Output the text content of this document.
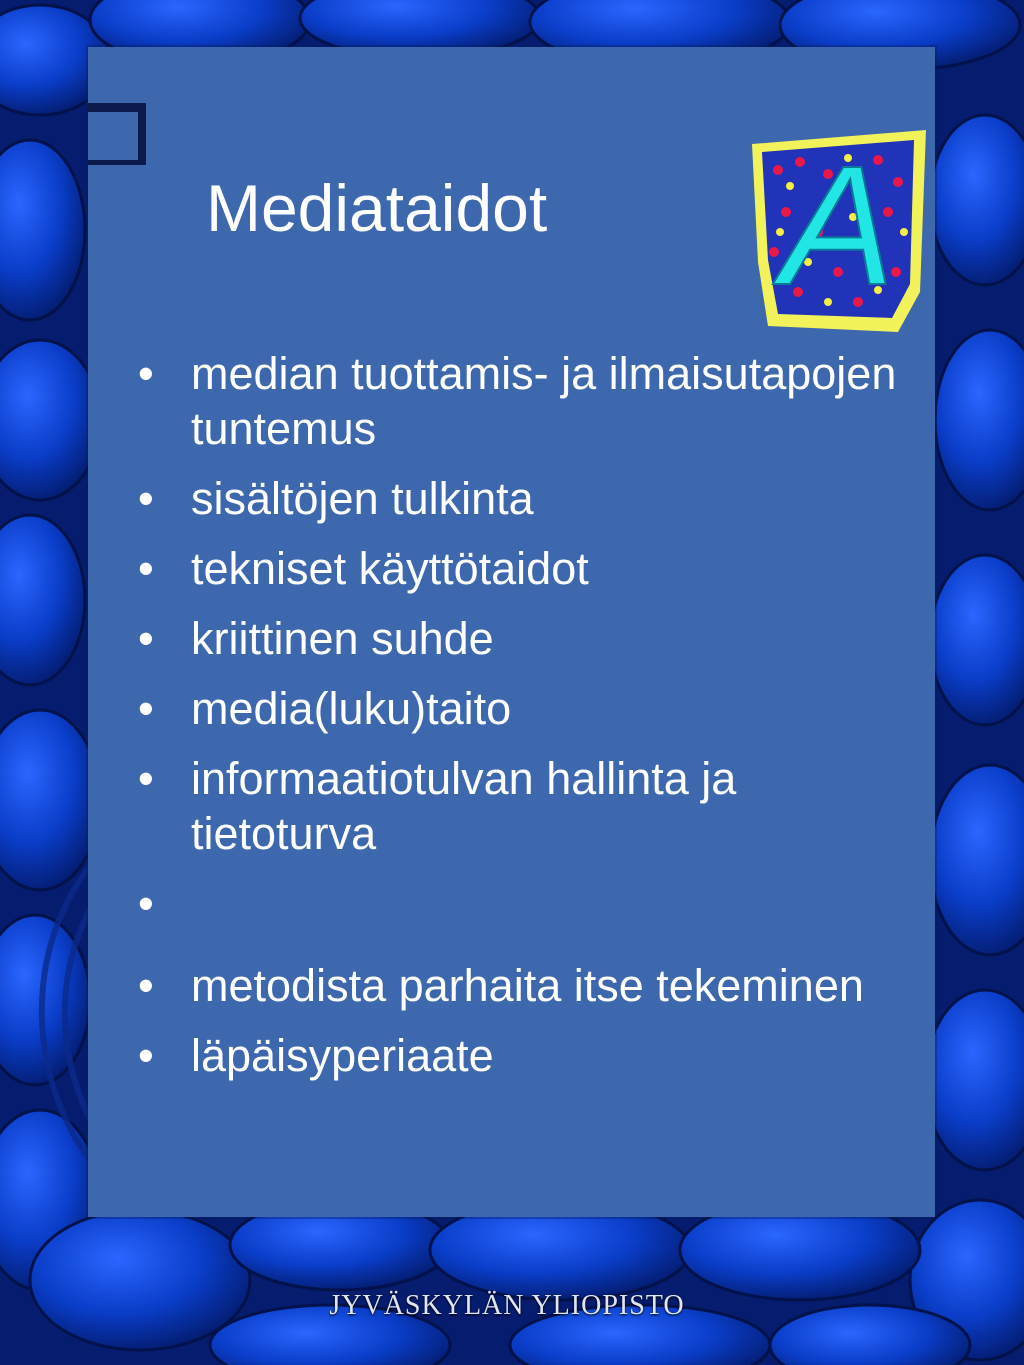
Mediataidot A
• median tuottamis- ja ilmaisutapojen tuntemus
• sisältöjen tulkinta
• tekniset käyttötaidot
• kriittinen suhde
• media(luku)taito
• informaatiotulvan hallinta ja tietoturva
•
• metodista parhaita itse tekeminen
• läpäisyperiaate
JYVÄSKYLÄN YLIOPISTO
